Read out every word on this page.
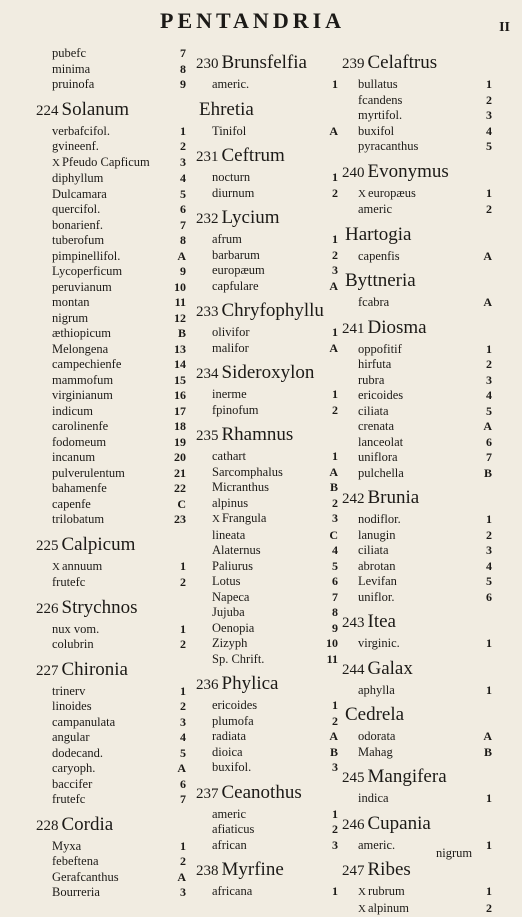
PENTANDRIA	II
pubefc	7
minima	8
pruinofa	9
224 Solanum
verbafcifol.	1
gvineenf.	2
X Pfeudo Capficum	3
diphyllum	4
Dulcamara	5
quercifol.	6
bonarienf.	7
tuberofum	8
pimpinellifol.	A
Lycoperficum	9
peruvianum	10
montan	11
nigrum	12
æthiopicum	B
Melongena	13
campechienfe	14
mammofum	15
virginianum	16
indicum	17
carolinenfe	18
fodomeum	19
incanum	20
pulverulentum	21
bahamenfe	22
capenfe	C
trilobatum	23
225 Calpicum
X annuum	1
frutefc	2
226 Strychnos
nux vom.	1
colubrin	2
227 Chironia
trinerv	1
linoides	2
campanulata	3
angular	4
dodecand.	5
caryoph.	A
baccifer	6
frutefc	7
228 Cordia
Myxa	1
febeftena	2
Gerafcanthus	A
Bourreria	3
230 Brunsfelfia
americ.	1
Ehretia
Tinifol	A
231 Ceftrum
nocturn	1
diurnum	2
232 Lycium
afrum	1
barbarum	2
europæum	3
capfulare	A
233 Chryfophyllu
olivifor	1
malifor	A
234 Sideroxylon
inerme	1
fpinofum	2
235 Rhamnus
cathart	1
Sarcomphalus	A
Micranthus	B
alpinus	2
X Frangula	3
lineata	C
Alaternus	4
Paliurus	5
Lotus	6
Napeca	7
Jujuba	8
Oenopia	9
Zizyph	10
Sp. Chrift.	11
236 Phylica
ericoides	1
plumofa	2
radiata	A
dioica	B
buxifol.	3
237 Ceanothus
americ	1
afiaticus	2
african	3
238 Myrfine
africana	1
239 Celaftrus
bullatus	1
fcandens	2
myrtifol.	3
buxifol	4
pyracanthus	5
240 Evonymus
X europæus	1
americ	2
Hartogia
capenfis	A
Byttneria
fcabra	A
241 Diosma
oppofitif	1
hirfuta	2
rubra	3
ericoides	4
ciliata	5
crenata	A
lanceolat	6
uniflora	7
pulchella	B
242 Brunia
nodiflor.	1
lanugin	2
ciliata	3
abrotan	4
Levifan	5
uniflor.	6
243 Itea
virginic.	1
244 Galax
aphylla	1
Cedrela
odorata	A
Mahag	B
245 Mangifera
indica	1
246 Cupania
americ.	1
247 Ribes
X rubrum	1
X alpinum	2
nigrum
